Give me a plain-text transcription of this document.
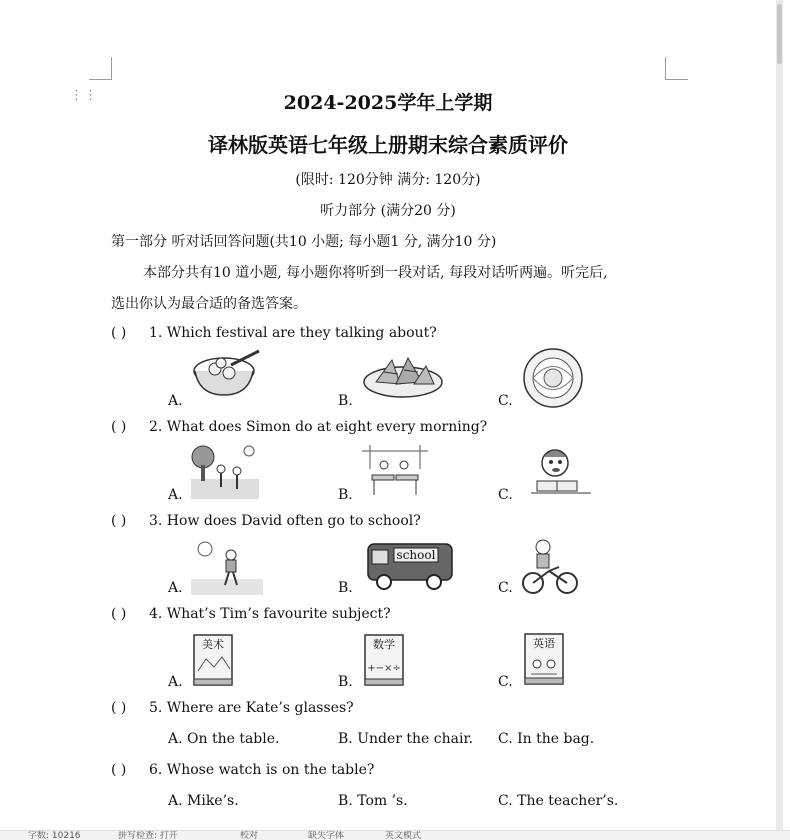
⋮⋮	2024-2025学年上学期
译林版英语七年级上册期末综合素质评价
(限时: 120分钟 满分: 120分)
听力部分 (满分20 分)
第一部分 听对话回答问题(共10 小题; 每小题1 分, 满分10 分)
本部分共有10 道小题, 每小题你将听到一段对话, 每段对话听两遍。听完后,
选出你认为最合适的备选答案。
( ) 1. Which festival are they talking about?
A.	B.	C.
( ) 2. What does Simon do at eight every morning?
A.	B.	C.
( ) 3. How does David often go to school?
A.	B.	C.
school
( ) 4. What’s Tim’s favourite subject?
A.	B.	C.
美术	数学
+−×÷
英语
( ) 5. Where are Kate’s glasses?
A. On the table.	B. Under the chair. C. In the bag.
( ) 6. Whose watch is on the table?
A. Mike’s.	B. Tom ’s.	C. The teacher’s.
字数: 10216	拼写检查: 打开	校对	缺失字体	英文模式
